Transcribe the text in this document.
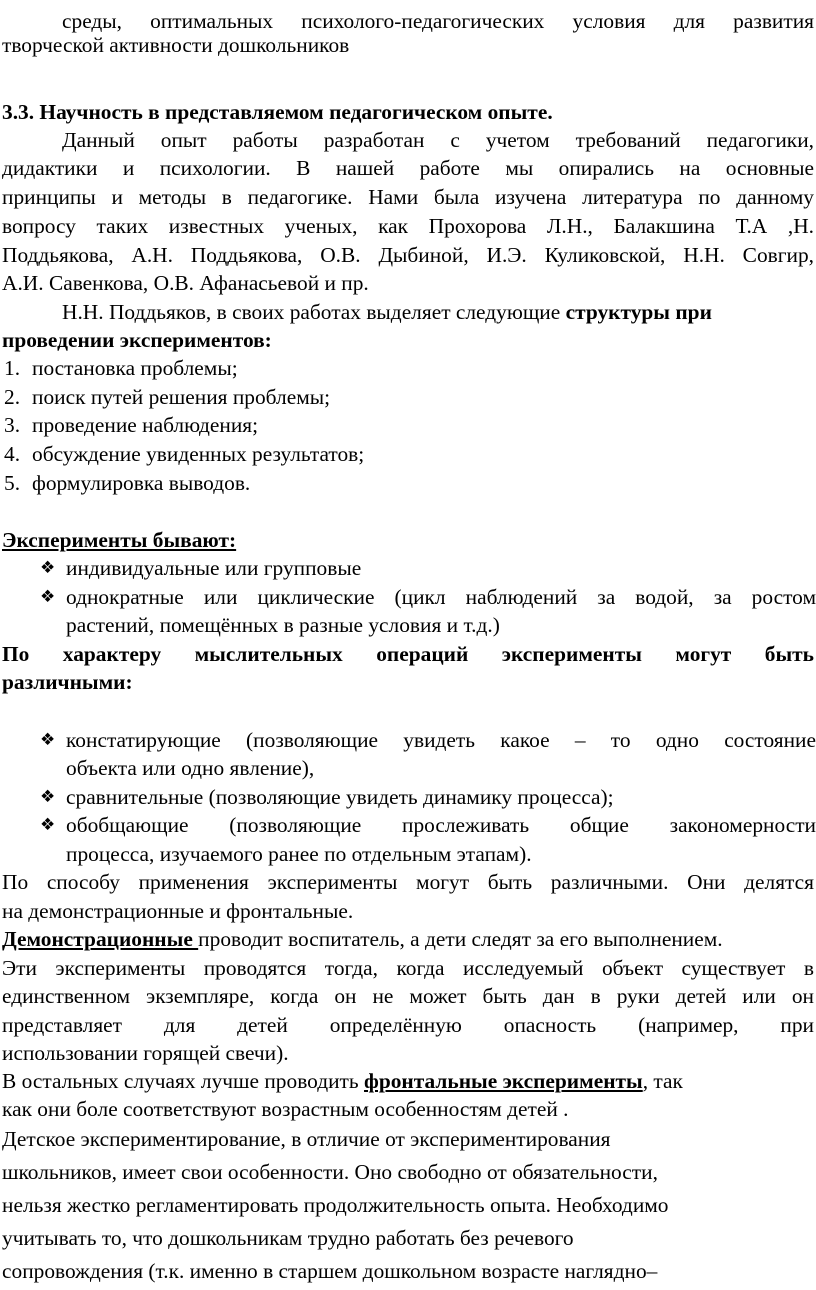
среды, оптимальных психолого-педагогических условия для развития
творческой активности дошкольников
3.3. Научность в представляемом педагогическом опыте.
Данный опыт работы разработан с учетом требований педагогики,
дидактики и психологии. В нашей работе мы опирались на основные
принципы и методы в педагогике. Нами была изучена литература по данному
вопросу таких известных ученых, как Прохорова Л.Н., Балакшина Т.А ,Н.
Поддьякова, А.Н. Поддьякова, О.В. Дыбиной, И.Э. Куликовской, Н.Н. Совгир,
А.И. Савенкова, О.В. Афанасьевой и пр.
Н.Н. Поддьяков, в своих работах выделяет следующие структуры при
проведении экспериментов:
1. постановка проблемы;
2. поиск путей решения проблемы;
3. проведение наблюдения;
4. обсуждение увиденных результатов;
5. формулировка выводов.
Эксперименты бывают:
❖ индивидуальные или групповые
❖ однократные или циклические (цикл наблюдений за водой, за ростом
растений, помещённых в разные условия и т.д.)
По характеру мыслительных операций эксперименты могут быть
различными:
❖ констатирующие (позволяющие увидеть какое – то одно состояние
объекта или одно явление),
❖ сравнительные (позволяющие увидеть динамику процесса);
❖ обобщающие (позволяющие прослеживать общие закономерности
процесса, изучаемого ранее по отдельным этапам).
По способу применения эксперименты могут быть различными. Они делятся
на демонстрационные и фронтальные.
Демонстрационные проводит воспитатель, а дети следят за его выполнением.
Эти эксперименты проводятся тогда, когда исследуемый объект существует в
единственном экземпляре, когда он не может быть дан в руки детей или он
представляет для детей определённую опасность (например, при
использовании горящей свечи).
В остальных случаях лучше проводить фронтальные эксперименты, так
как они боле соответствуют возрастным особенностям детей .
Детское экспериментирование, в отличие от экспериментирования
школьников, имеет свои особенности. Оно свободно от обязательности,
нельзя жестко регламентировать продолжительность опыта. Необходимо
учитывать то, что дошкольникам трудно работать без речевого
сопровождения (т.к. именно в старшем дошкольном возрасте наглядно–
